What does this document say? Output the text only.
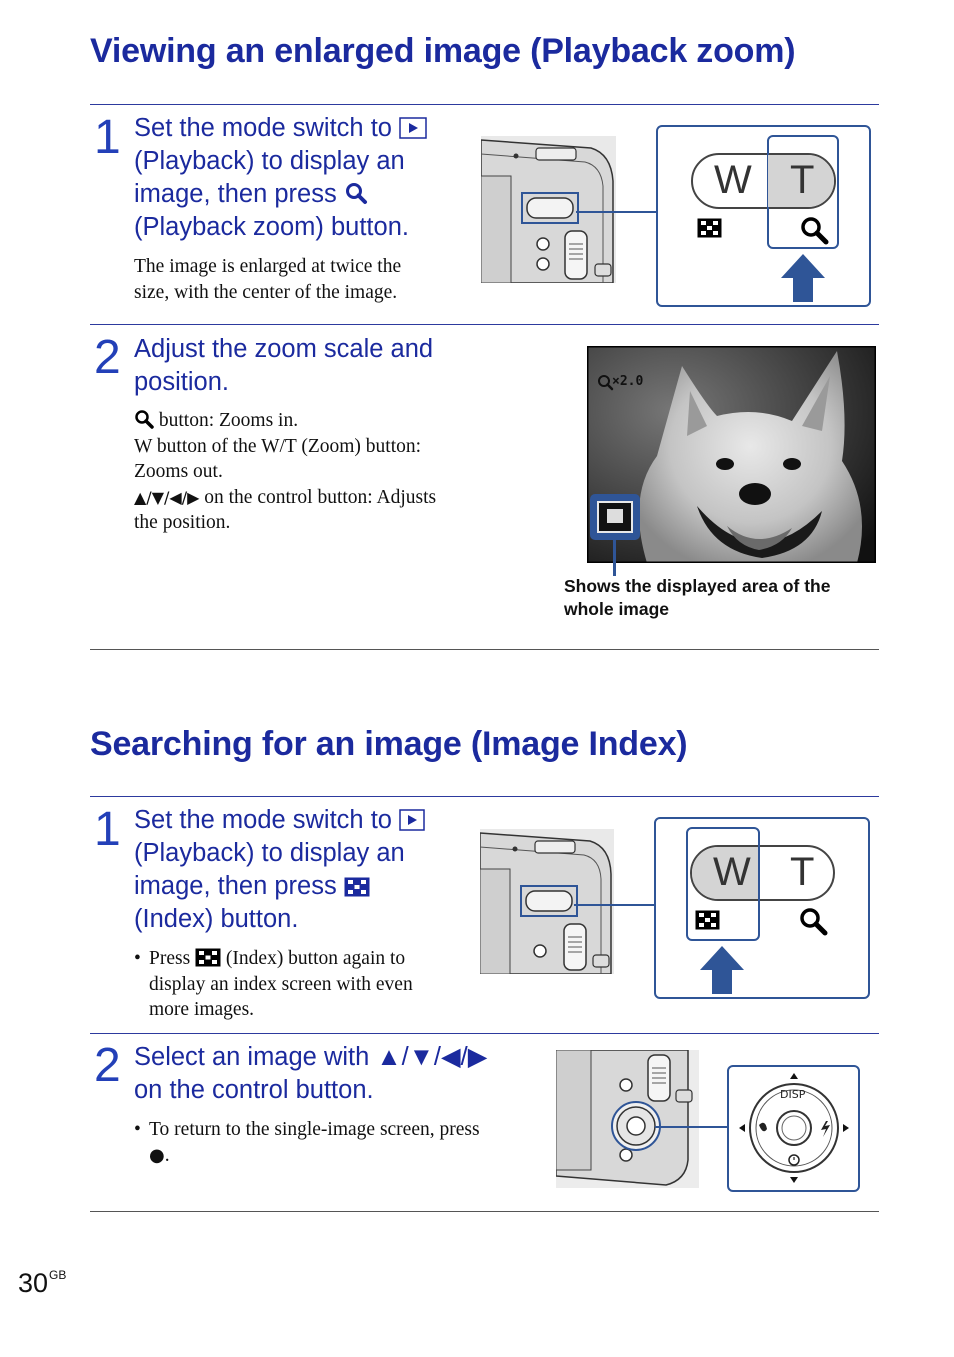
Viewing an enlarged image (Playback zoom)
1 Set the mode switch to
(Playback) to display an
image, then press
(Playback zoom) button.
The image is enlarged at twice the
size, with the center of the image.
W T
2 Adjust the zoom scale and
position.
button: Zooms in.
W button of the W/T (Zoom) button:
Zooms out.
▲/▼/◀/▶ on the control button: Adjusts
the position.
×2.0
Shows the displayed area of the
whole image
Searching for an image (Image Index)
1 Set the mode switch to
(Playback) to display an
image, then press
(Index) button.
• Press (Index) button again to
display an index screen with even
more images.
W T
2 Select an image with ▲/▼/◀/▶
on the control button.
• To return to the single-image screen, press
●.
DISP
$30^{GB}$
